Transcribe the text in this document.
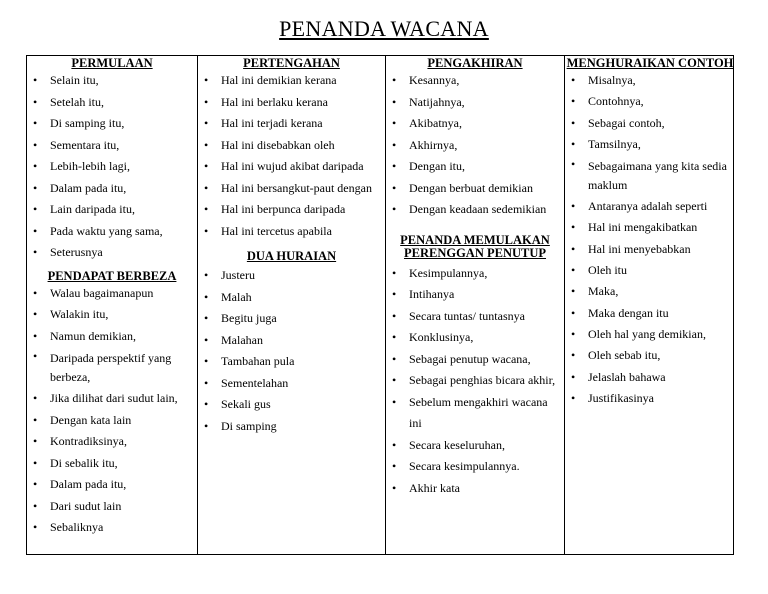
PENANDA WACANA

PERMULAAN

• Selain itu,
• Setelah itu,
• Di samping itu,
• Sementara itu,
• Lebih-lebih lagi,
• Dalam pada itu,
• Lain daripada itu,
• Pada waktu yang sama,
• Seterusnya

PENDAPAT BERBEZA

• Walau bagaimanapun
• Walakin itu,
• Namun demikian,
• Daripada perspektif yang berbeza,
• Jika dilihat dari sudut lain,
• Dengan kata lain
• Kontradiksinya,
• Di sebalik itu,
• Dalam pada itu,
• Dari sudut lain
• Sebaliknya

PERTENGAHAN

• Hal ini demikian kerana
• Hal ini berlaku kerana
• Hal ini terjadi kerana
• Hal ini disebabkan oleh
• Hal ini wujud akibat daripada
• Hal ini bersangkut-paut dengan
• Hal ini berpunca daripada
• Hal ini tercetus apabila

DUA HURAIAN

• Justeru
• Malah
• Begitu juga
• Malahan
• Tambahan pula
• Sementelahan
• Sekali gus
• Di samping

PENGAKHIRAN

• Kesannya,
• Natijahnya,
• Akibatnya,
• Akhirnya,
• Dengan itu,
• Dengan berbuat demikian
• Dengan keadaan sedemikian

PENANDA MEMULAKAN PERENGGAN PENUTUP

• Kesimpulannya,
• Intihanya
• Secara tuntas/ tuntasnya
• Konklusinya,
• Sebagai penutup wacana,
• Sebagai penghias bicara akhir,
• Sebelum mengakhiri wacana ini
• Secara keseluruhan,
• Secara kesimpulannya.
• Akhir kata

MENGHURAIKAN CONTOH

• Misalnya,
• Contohnya,
• Sebagai contoh,
• Tamsilnya,
• Sebagaimana yang kita sedia maklum
• Antaranya adalah seperti
• Hal ini mengakibatkan
• Hal ini menyebabkan
• Oleh itu
• Maka,
• Maka dengan itu
• Oleh hal yang demikian,
• Oleh sebab itu,
• Jelaslah bahawa
• Justifikasinya
